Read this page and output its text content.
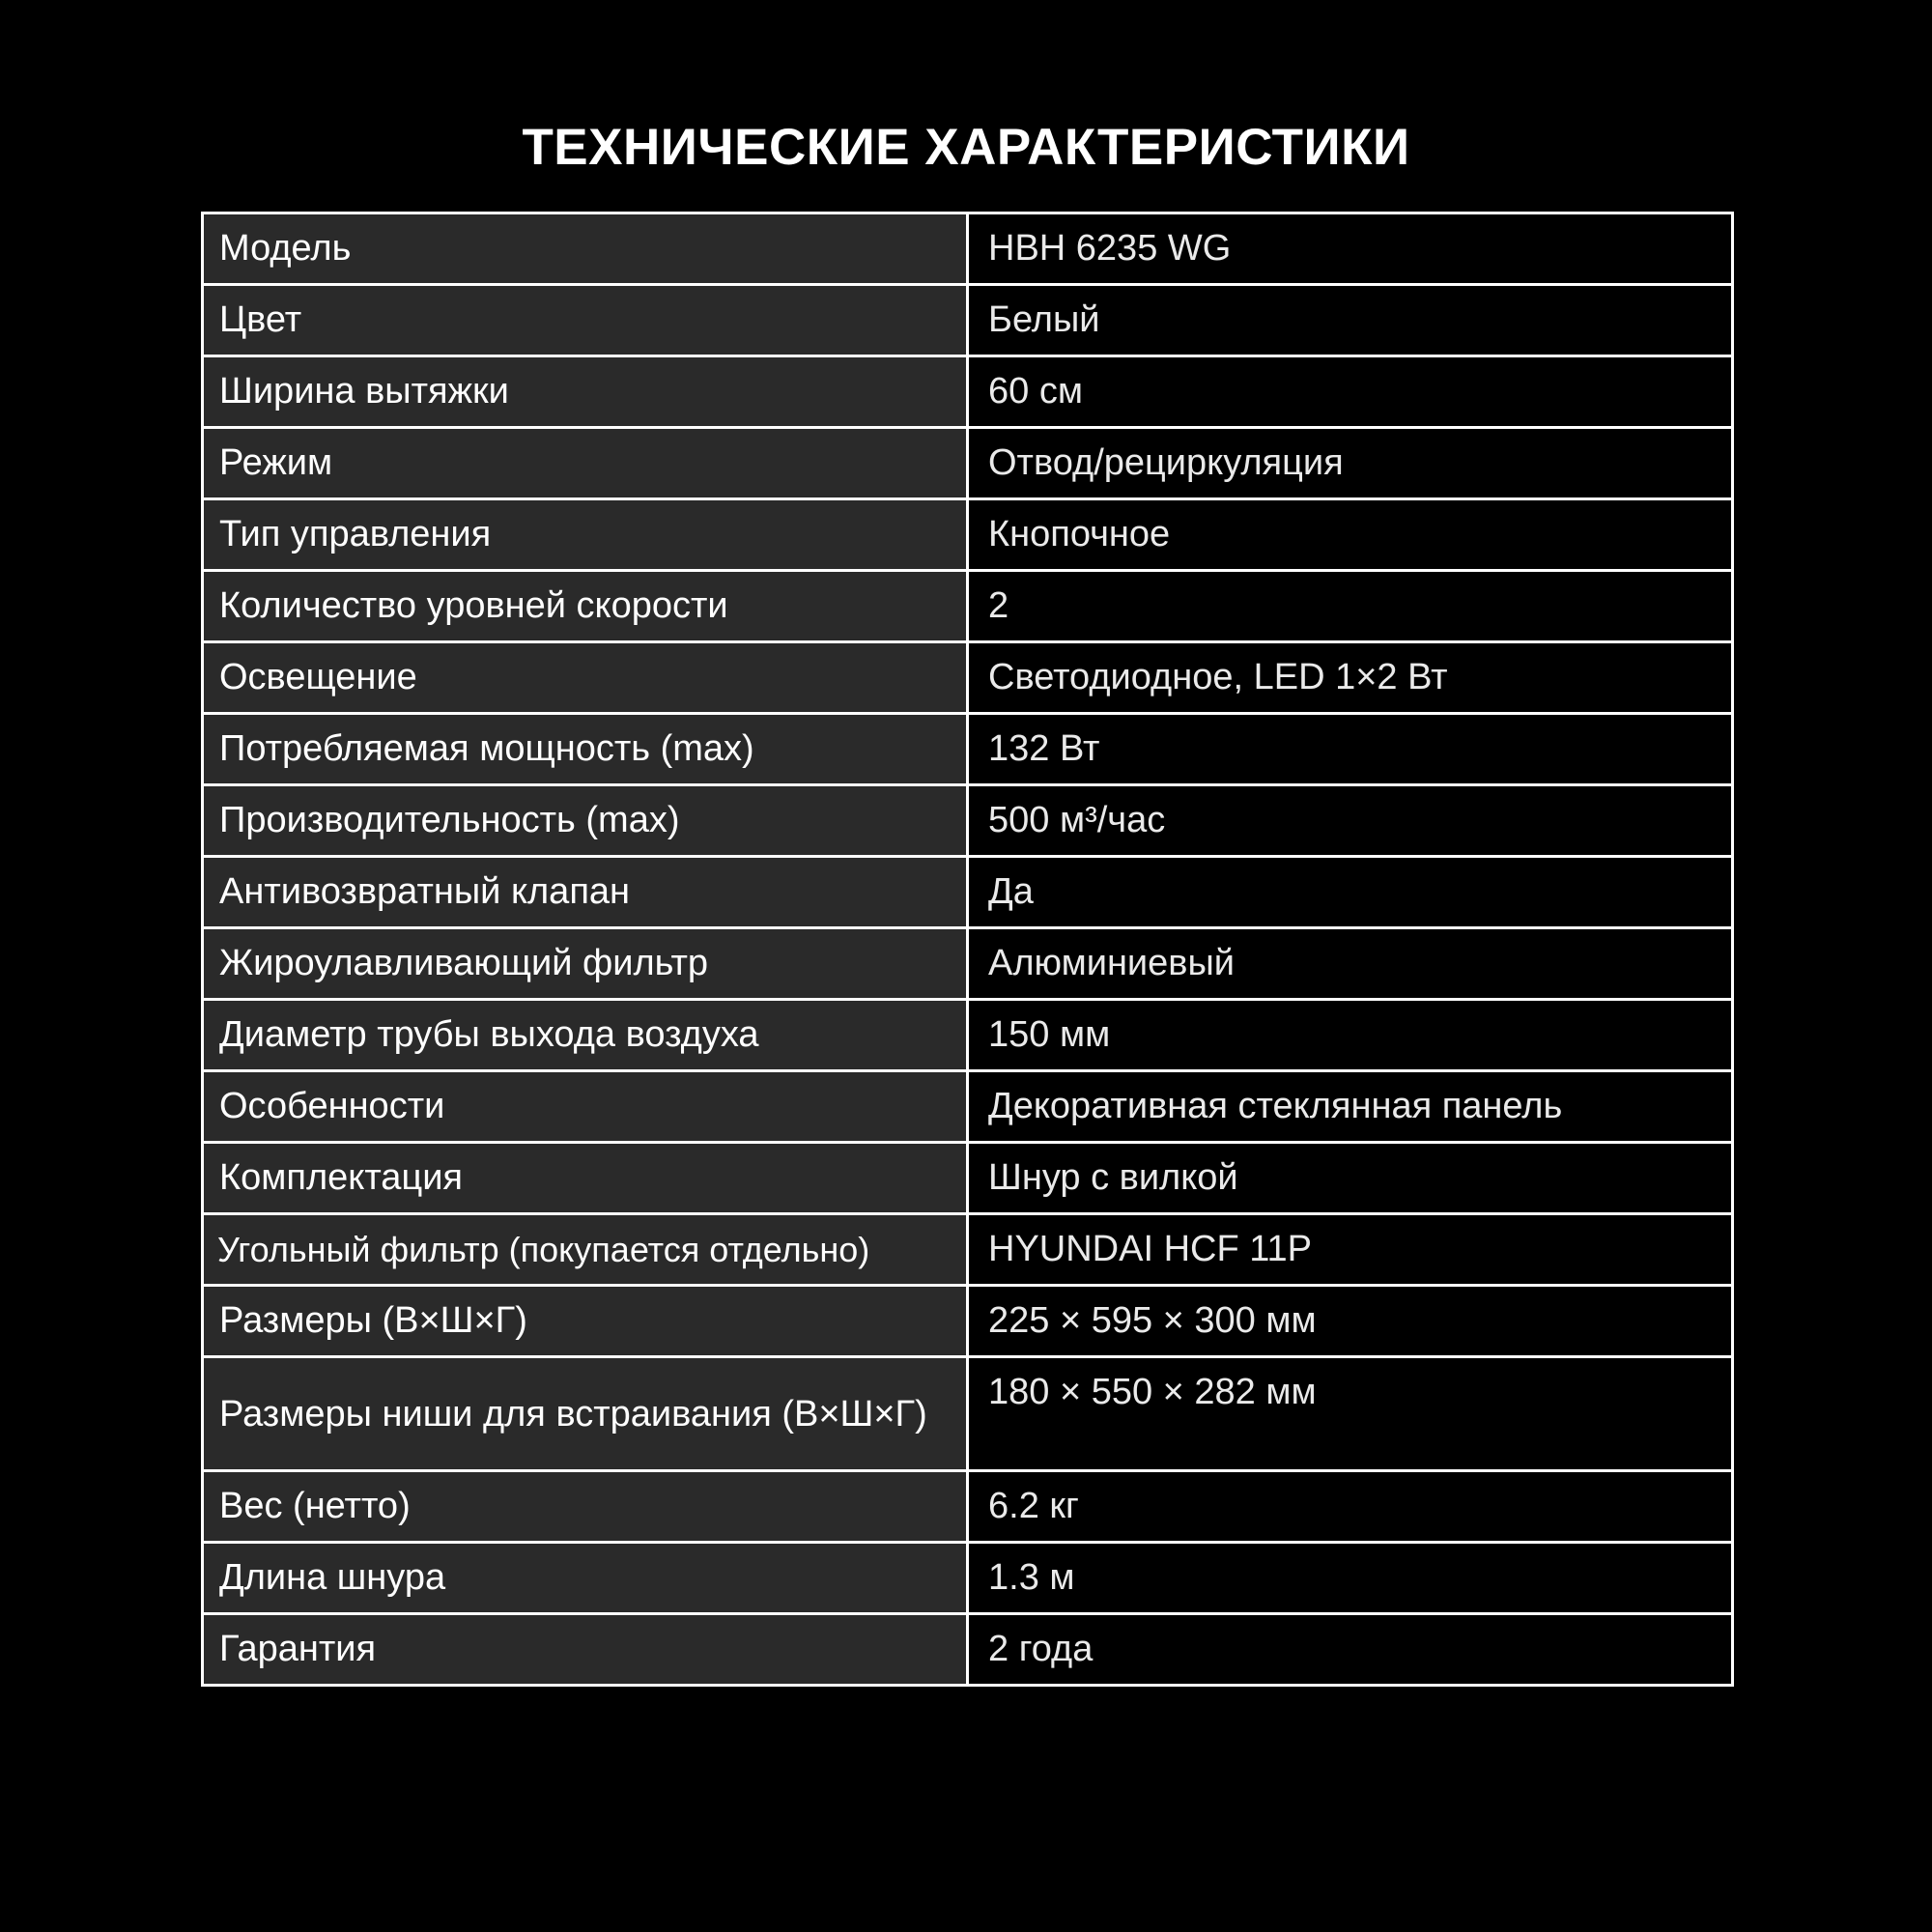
ТЕХНИЧЕСКИЕ ХАРАКТЕРИСТИКИ
Модель	HBH 6235 WG
Цвет	Белый
Ширина вытяжки	60 см
Режим	Отвод/рециркуляция
Тип управления	Кнопочное
Количество уровней скорости	2
Освещение	Светодиодное, LED 1×2 Вт
Потребляемая мощность (max)	132 Вт
Производительность (max)	500 м³/час
Антивозвратный клапан	Да
Жироулавливающий фильтр	Алюминиевый
Диаметр трубы выхода воздуха	150 мм
Особенности	Декоративная стеклянная панель
Комплектация	Шнур с вилкой
Угольный фильтр (покупается отдельно)	HYUNDAI HCF 11P
Размеры (В×Ш×Г)	225 × 595 × 300 мм
Размеры ниши для встраивания (В×Ш×Г)	180 × 550 × 282 мм
Вес (нетто)	6.2 кг
Длина шнура	1.3 м
Гарантия	2 года
